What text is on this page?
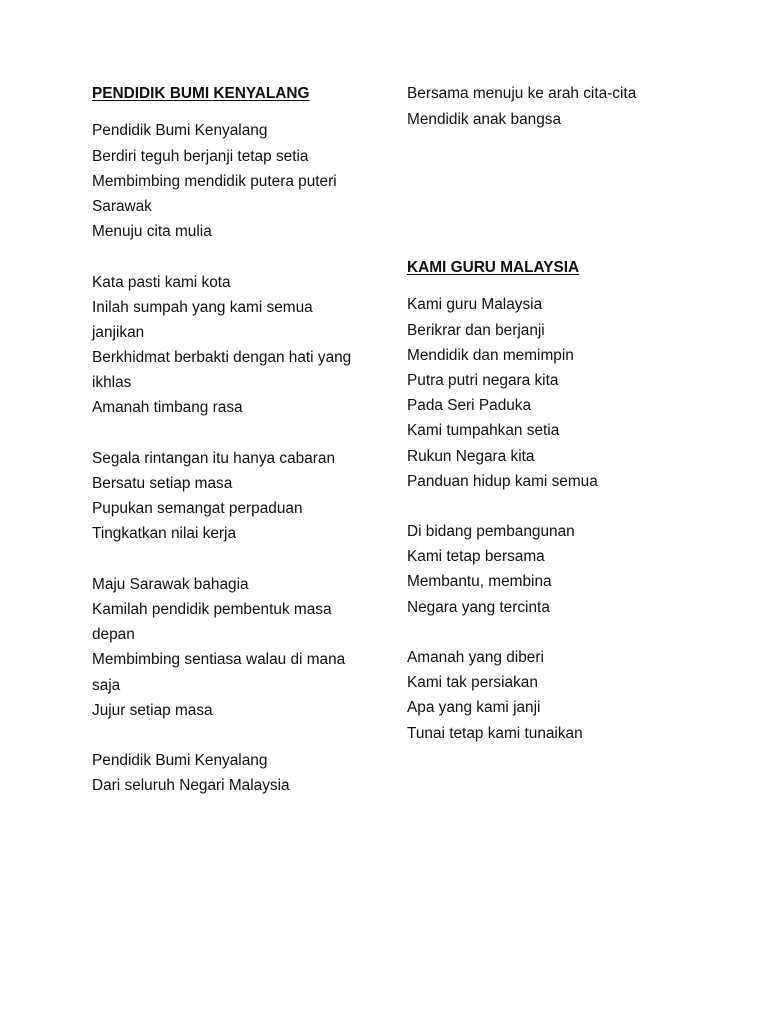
PENDIDIK BUMI KENYALANG
Pendidik Bumi Kenyalang
Berdiri teguh berjanji tetap setia
Membimbing mendidik putera puteri
Sarawak
Menuju cita mulia
Kata pasti kami kota
Inilah sumpah yang kami semua
janjikan
Berkhidmat berbakti dengan hati yang
ikhlas
Amanah timbang rasa
Segala rintangan itu hanya cabaran
Bersatu setiap masa
Pupukan semangat perpaduan
Tingkatkan nilai kerja
Maju Sarawak bahagia
Kamilah pendidik pembentuk masa
depan
Membimbing sentiasa walau di mana
saja
Jujur setiap masa
Pendidik Bumi Kenyalang
Dari seluruh Negari Malaysia
Bersama menuju ke arah cita-cita
Mendidik anak bangsa
KAMI GURU MALAYSIA
Kami guru Malaysia
Berikrar dan berjanji
Mendidik dan memimpin
Putra putri negara kita
Pada Seri Paduka
Kami tumpahkan setia
Rukun Negara kita
Panduan hidup kami semua
Di bidang pembangunan
Kami tetap bersama
Membantu, membina
Negara yang tercinta
Amanah yang diberi
Kami tak persiakan
Apa yang kami janji
Tunai tetap kami tunaikan
